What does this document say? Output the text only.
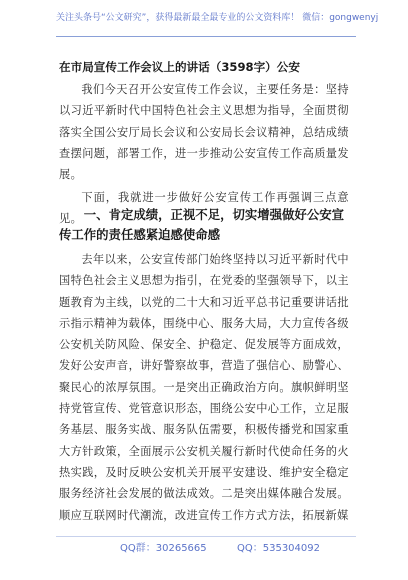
关注头条号“公文研究”，获得最新最全最专业的公文资料库！ 微信：gongwenyj
在市局宣传工作会议上的讲话（3598字）公安

我们今天召开公安宣传工作会议，主要任务是：坚持以习近平新时代中国特色社会主义思想为指导，全面贯彻落实全国公安厅局长会议和公安局长会议精神，总结成绩查摆问题，部署工作，进一步推动公安宣传工作高质量发展。

下面，我就进一步做好公安宣传工作再强调三点意见。 一、肯定成绩，正视不足，切实增强做好公安宣传工作的责任感紧迫感使命感

去年以来，公安宣传部门始终坚持以习近平新时代中国特色社会主义思想为指引，在党委的坚强领导下，以主题教育为主线，以党的二十大和习近平总书记重要讲话批示指示精神为载体，围绕中心、服务大局，大力宣传各级公安机关防风险、保安全、护稳定、促发展等方面成效，发好公安声音，讲好警察故事，营造了强信心、励警心、聚民心的浓厚氛围。一是突出正确政治方向。旗帜鲜明坚持党管宣传、党管意识形态，围绕公安中心工作，立足服务基层、服务实战、服务队伍需要，积极传播党和国家重大方针政策，全面展示公安机关履行新时代使命任务的火热实践，及时反映公安机关开展平安建设、维护安全稳定服务经济社会发展的做法成效。二是突出媒体融合发展。顺应互联网时代潮流，改进宣传工作方式方法，拓展新媒

QQ群：30265665	QQ：535304092
